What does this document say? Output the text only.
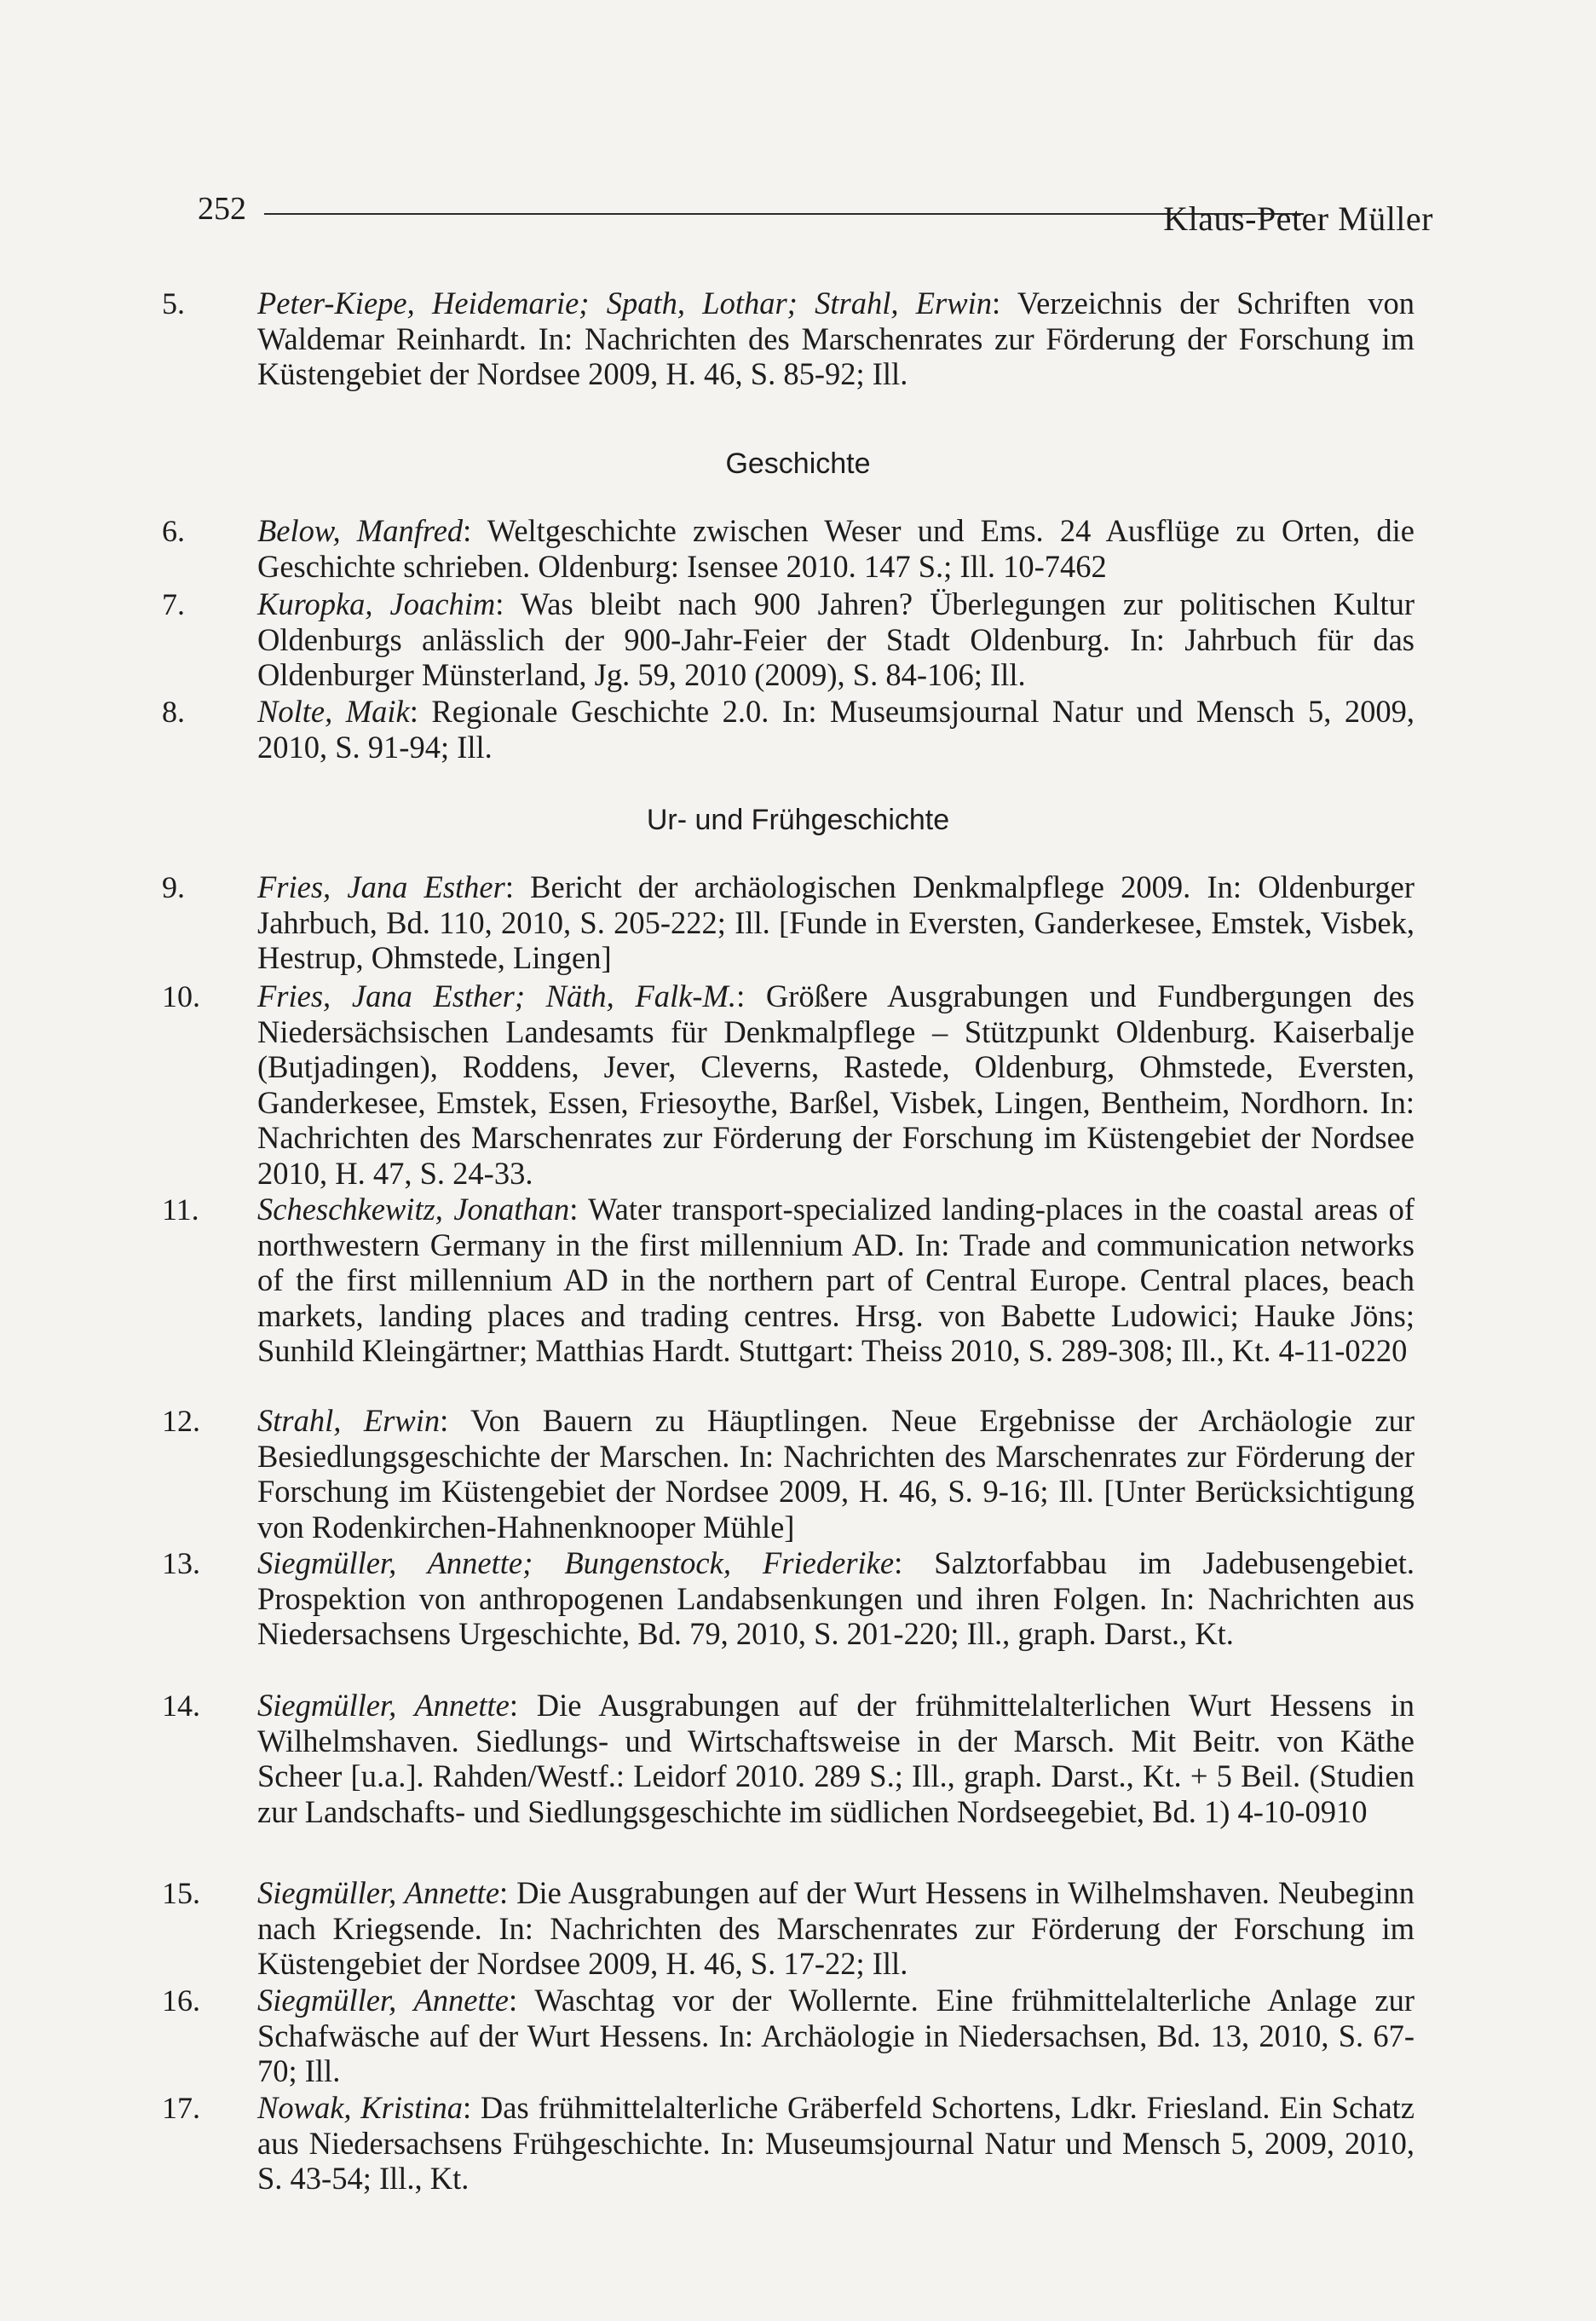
252	Klaus-Peter Müller
5. Peter-Kiepe, Heidemarie; Spath, Lothar; Strahl, Erwin: Verzeichnis der Schriften von Waldemar Reinhardt. In: Nachrichten des Marschenrates zur Förderung der Forschung im Küstengebiet der Nordsee 2009, H. 46, S. 85-92; Ill.
Geschichte
6. Below, Manfred: Weltgeschichte zwischen Weser und Ems. 24 Ausflüge zu Orten, die Geschichte schrieben. Oldenburg: Isensee 2010. 147 S.; Ill. 10-7462
7. Kuropka, Joachim: Was bleibt nach 900 Jahren? Überlegungen zur politischen Kultur Oldenburgs anlässlich der 900-Jahr-Feier der Stadt Oldenburg. In: Jahrbuch für das Oldenburger Münsterland, Jg. 59, 2010 (2009), S. 84-106; Ill.
8. Nolte, Maik: Regionale Geschichte 2.0. In: Museumsjournal Natur und Mensch 5, 2009, 2010, S. 91-94; Ill.
Ur- und Frühgeschichte
9. Fries, Jana Esther: Bericht der archäologischen Denkmalpflege 2009. In: Oldenburger Jahrbuch, Bd. 110, 2010, S. 205-222; Ill. [Funde in Eversten, Ganderkesee, Emstek, Visbek, Hestrup, Ohmstede, Lingen]
10. Fries, Jana Esther; Näth, Falk-M.: Größere Ausgrabungen und Fundbergungen des Niedersächsischen Landesamts für Denkmalpflege – Stützpunkt Oldenburg. Kaiserbalje (Butjadingen), Roddens, Jever, Cleverns, Rastede, Oldenburg, Ohmstede, Eversten, Ganderkesee, Emstek, Essen, Friesoythe, Barßel, Visbek, Lingen, Bentheim, Nordhorn. In: Nachrichten des Marschenrates zur Förderung der Forschung im Küstengebiet der Nordsee 2010, H. 47, S. 24-33.
11. Scheschkewitz, Jonathan: Water transport-specialized landing-places in the coastal areas of northwestern Germany in the first millennium AD. In: Trade and communication networks of the first millennium AD in the northern part of Central Europe. Central places, beach markets, landing places and trading centres. Hrsg. von Babette Ludowici; Hauke Jöns; Sunhild Kleingärtner; Matthias Hardt. Stuttgart: Theiss 2010, S. 289-308; Ill., Kt. 4-11-0220
12. Strahl, Erwin: Von Bauern zu Häuptlingen. Neue Ergebnisse der Archäologie zur Besiedlungsgeschichte der Marschen. In: Nachrichten des Marschenrates zur Förderung der Forschung im Küstengebiet der Nordsee 2009, H. 46, S. 9-16; Ill. [Unter Berücksichtigung von Rodenkirchen-Hahnenknooper Mühle]
13. Siegmüller, Annette; Bungenstock, Friederike: Salztorfabbau im Jadebusengebiet. Prospektion von anthropogenen Landabsenkungen und ihren Folgen. In: Nachrichten aus Niedersachsens Urgeschichte, Bd. 79, 2010, S. 201-220; Ill., graph. Darst., Kt.
14. Siegmüller, Annette: Die Ausgrabungen auf der frühmittelalterlichen Wurt Hessens in Wilhelmshaven. Siedlungs- und Wirtschaftsweise in der Marsch. Mit Beitr. von Käthe Scheer [u.a.]. Rahden/Westf.: Leidorf 2010. 289 S.; Ill., graph. Darst., Kt. + 5 Beil. (Studien zur Landschafts- und Siedlungsgeschichte im südlichen Nordseegebiet, Bd. 1) 4-10-0910
15. Siegmüller, Annette: Die Ausgrabungen auf der Wurt Hessens in Wilhelmshaven. Neubeginn nach Kriegsende. In: Nachrichten des Marschenrates zur Förderung der Forschung im Küstengebiet der Nordsee 2009, H. 46, S. 17-22; Ill.
16. Siegmüller, Annette: Waschtag vor der Wollernte. Eine frühmittelalterliche Anlage zur Schafwäsche auf der Wurt Hessens. In: Archäologie in Niedersachsen, Bd. 13, 2010, S. 67-70; Ill.
17. Nowak, Kristina: Das frühmittelalterliche Gräberfeld Schortens, Ldkr. Friesland. Ein Schatz aus Niedersachsens Frühgeschichte. In: Museumsjournal Natur und Mensch 5, 2009, 2010, S. 43-54; Ill., Kt.
